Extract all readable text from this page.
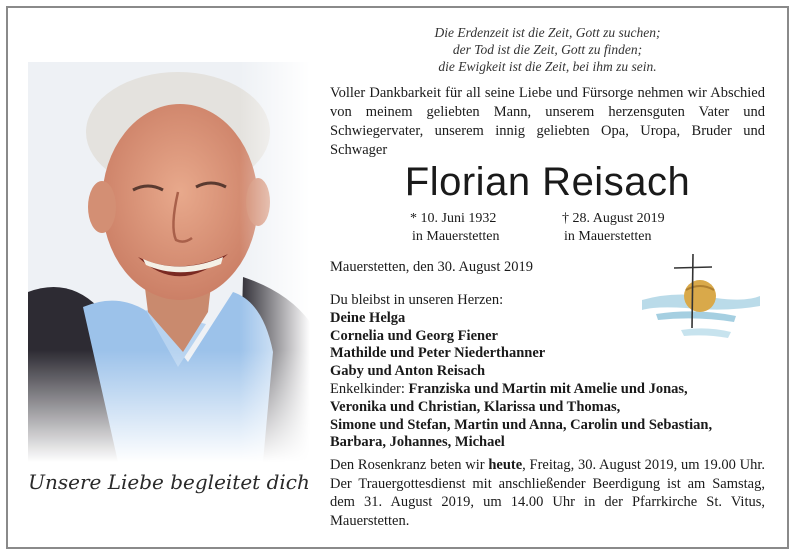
Unsere Liebe begleitet dich
Die Erdenzeit ist die Zeit, Gott zu suchen;
der Tod ist die Zeit, Gott zu finden;
die Ewigkeit ist die Zeit, bei ihm zu sein.
Voller Dankbarkeit für all seine Liebe und Fürsorge nehmen wir Abschied von meinem geliebten Mann, unserem herzensguten Vater und Schwiegervater, unserem innig geliebten Opa, Uropa, Bruder und Schwager
Florian Reisach
* 10. Juni 1932
in Mauerstetten
† 28. August 2019
in Mauerstetten
Mauerstetten, den 30. August 2019
Du bleibst in unseren Herzen:
Deine Helga
Cornelia und Georg Fiener
Mathilde und Peter Niederthanner
Gaby und Anton Reisach
Enkelkinder: Franziska und Martin mit Amelie und Jonas,
Veronika und Christian, Klarissa und Thomas,
Simone und Stefan, Martin und Anna, Carolin und Sebastian,
Barbara, Johannes, Michael
Den Rosenkranz beten wir heute, Freitag, 30. August 2019, um 19.00 Uhr. Der Trauergottesdienst mit anschließender Beerdigung ist am Samstag, dem 31. August 2019, um 14.00 Uhr in der Pfarrkirche St. Vitus, Mauerstetten.
